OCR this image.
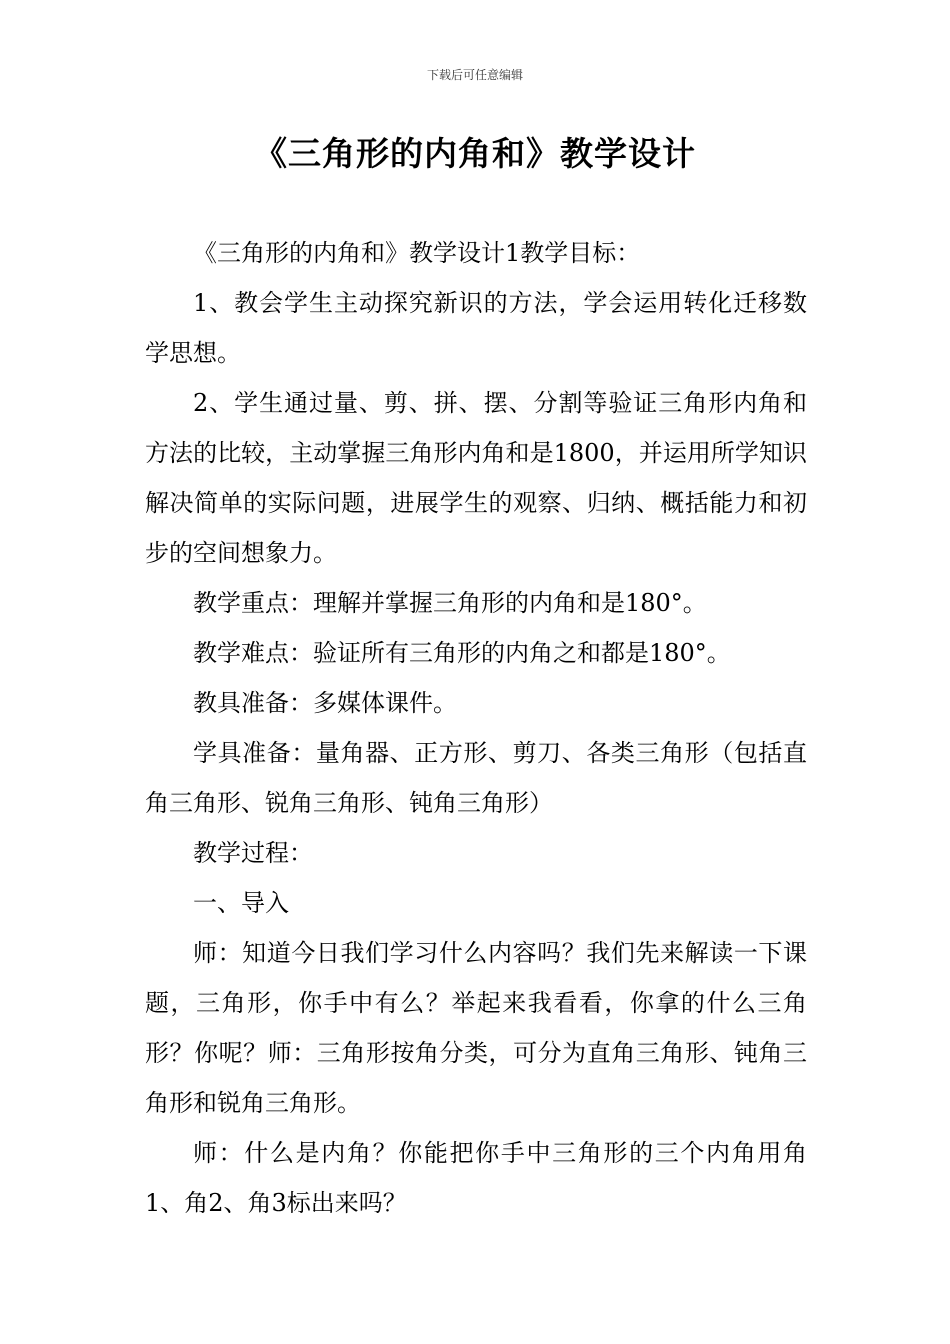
下载后可任意编辑
《三角形的内角和》教学设计

《三角形的内角和》教学设计1教学目标：

1、教会学生主动探究新识的方法，学会运用转化迁移数学思想。

2、学生通过量、剪、拼、摆、分割等验证三角形内角和方法的比较，主动掌握三角形内角和是1800，并运用所学知识解决简单的实际问题，进展学生的观察、归纳、概括能力和初步的空间想象力。

教学重点：理解并掌握三角形的内角和是180°。

教学难点：验证所有三角形的内角之和都是180°。

教具准备：多媒体课件。

学具准备：量角器、正方形、剪刀、各类三角形（包括直角三角形、锐角三角形、钝角三角形）

教学过程：

一、导入

师：知道今日我们学习什么内容吗？我们先来解读一下课题，三角形，你手中有么？举起来我看看，你拿的什么三角形？你呢？师：三角形按角分类，可分为直角三角形、钝角三角形和锐角三角形。

师：什么是内角？你能把你手中三角形的三个内角用角1、角2、角3标出来吗？
